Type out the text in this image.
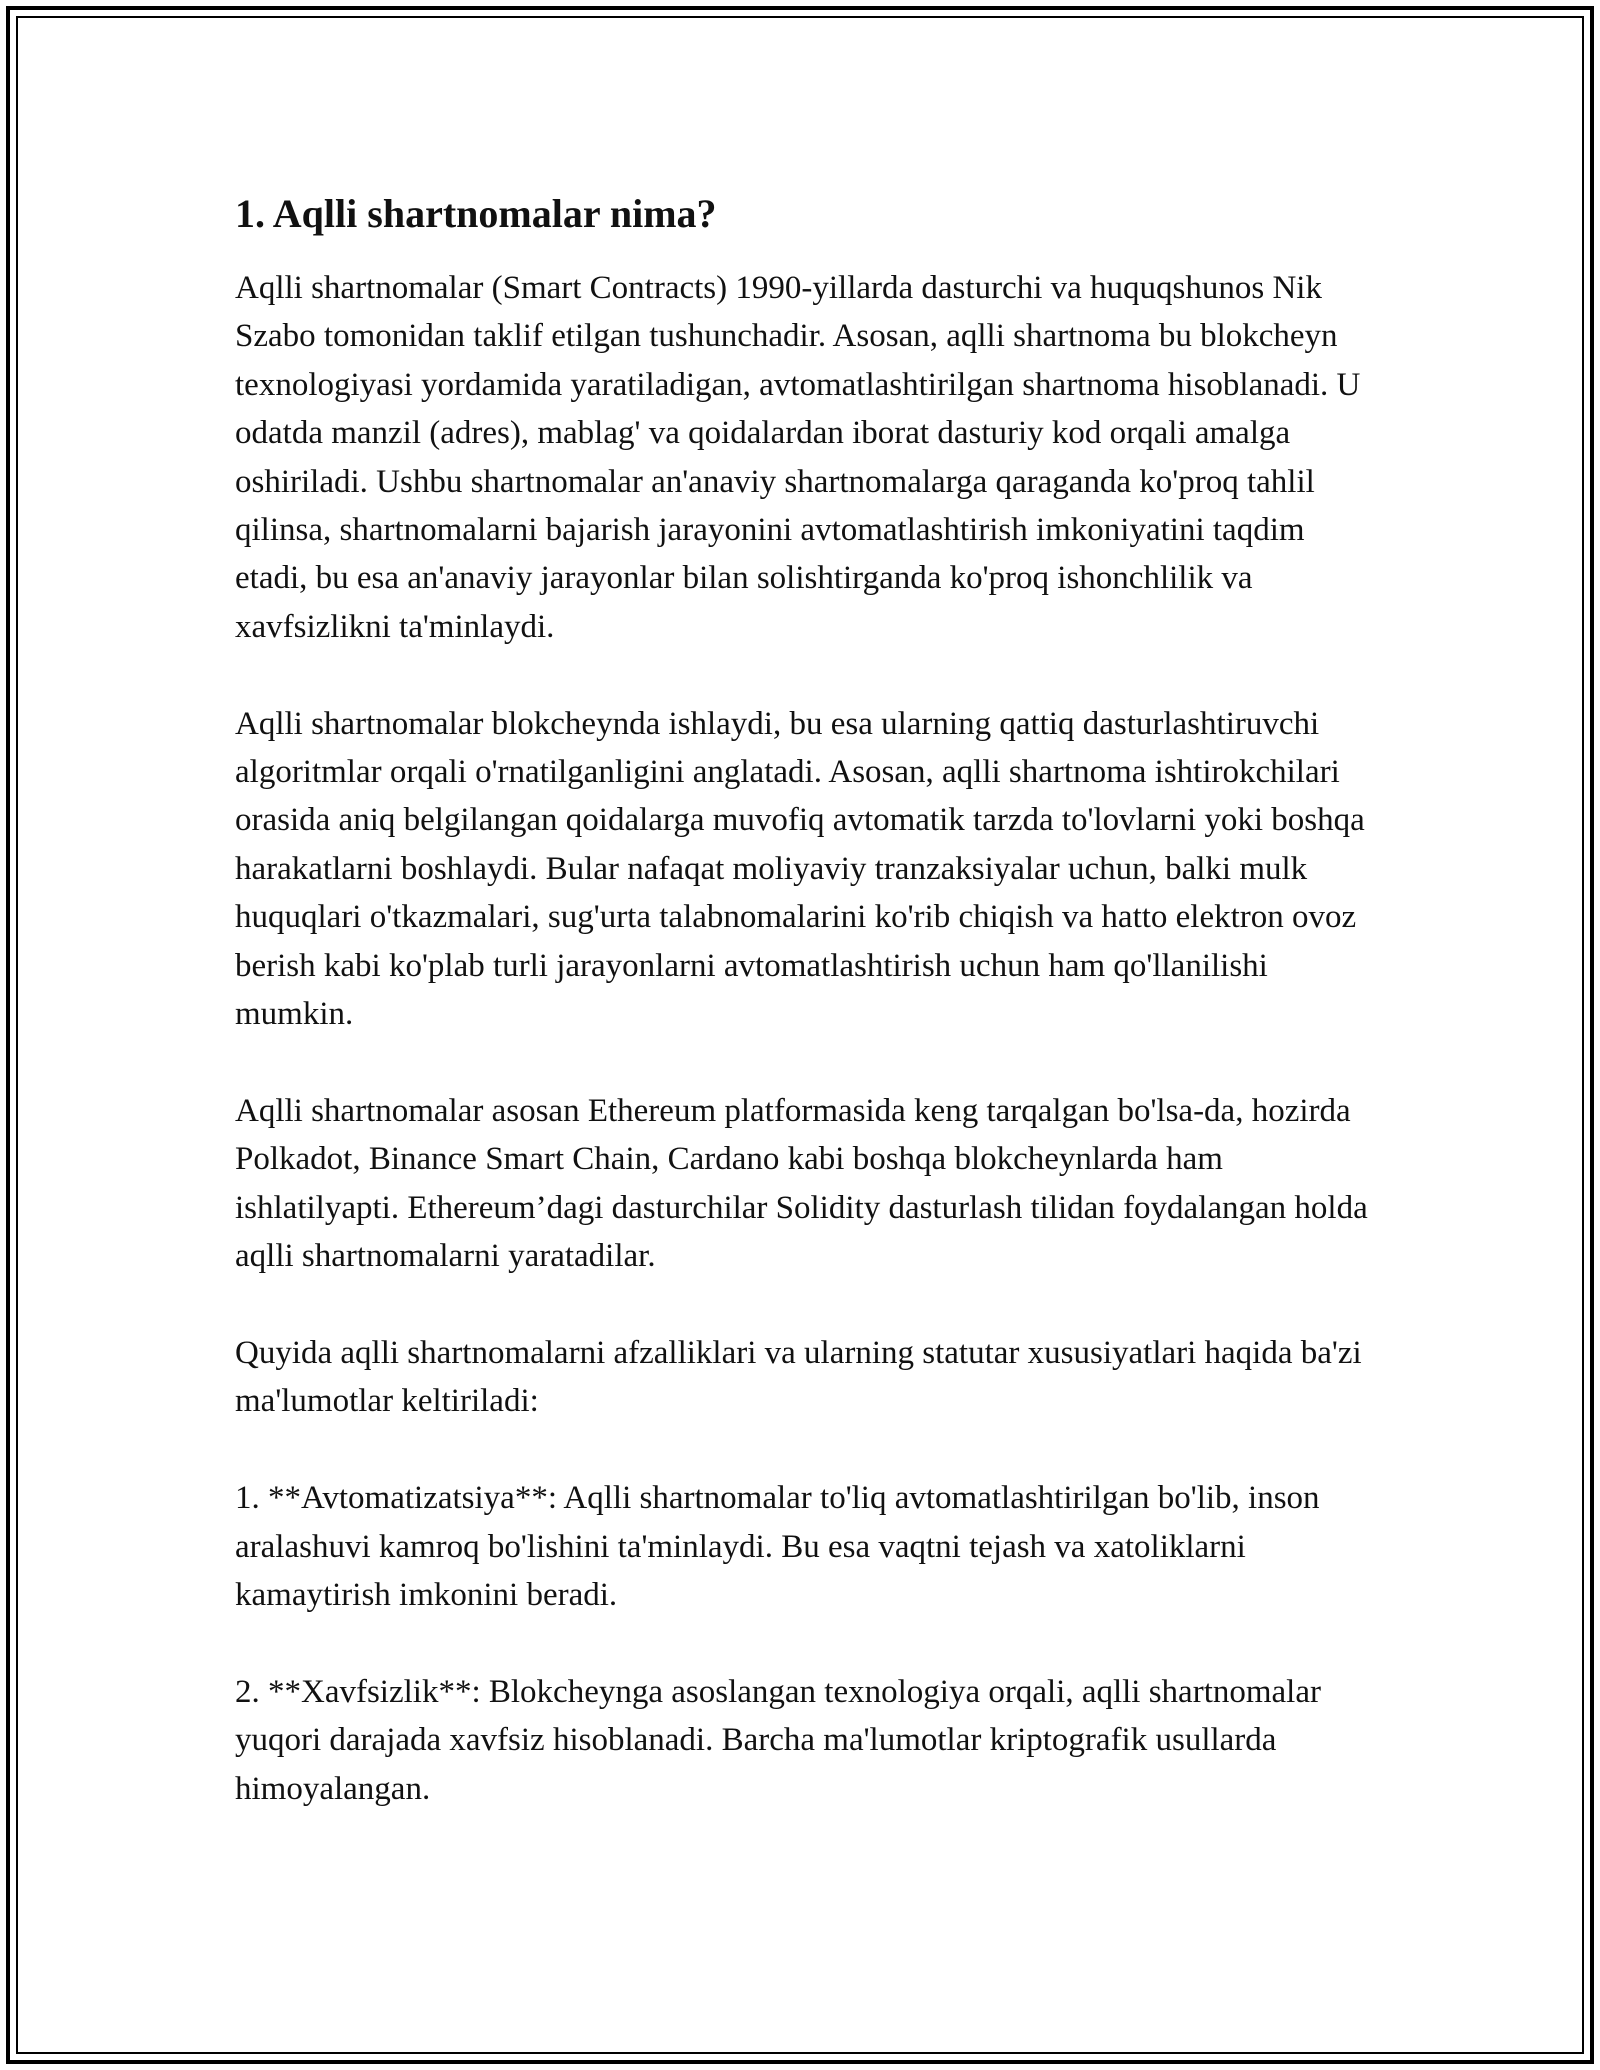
1. Aqlli shartnomalar nima?

Aqlli shartnomalar (Smart Contracts) 1990-yillarda dasturchi va huquqshunos Nik Szabo tomonidan taklif etilgan tushunchadir. Asosan, aqlli shartnoma bu blokcheyn texnologiyasi yordamida yaratiladigan, avtomatlashtirilgan shartnoma hisoblanadi. U odatda manzil (adres), mablag' va qoidalardan iborat dasturiy kod orqali amalga oshiriladi. Ushbu shartnomalar an'anaviy shartnomalarga qaraganda ko'proq tahlil qilinsa, shartnomalarni bajarish jarayonini avtomatlashtirish imkoniyatini taqdim etadi, bu esa an'anaviy jarayonlar bilan solishtirganda ko'proq ishonchlilik va xavfsizlikni ta'minlaydi.

Aqlli shartnomalar blokcheynda ishlaydi, bu esa ularning qattiq dasturlashtiruvchi algoritmlar orqali o'rnatilganligini anglatadi. Asosan, aqlli shartnoma ishtirokchilari orasida aniq belgilangan qoidalarga muvofiq avtomatik tarzda to'lovlarni yoki boshqa harakatlarni boshlaydi. Bular nafaqat moliyaviy tranzaksiyalar uchun, balki mulk huquqlari o'tkazmalari, sug'urta talabnomalarini ko'rib chiqish va hatto elektron ovoz berish kabi ko'plab turli jarayonlarni avtomatlashtirish uchun ham qo'llanilishi mumkin.

Aqlli shartnomalar asosan Ethereum platformasida keng tarqalgan bo'lsa-da, hozirda Polkadot, Binance Smart Chain, Cardano kabi boshqa blokcheynlarda ham ishlatilyapti. Ethereum’dagi dasturchilar Solidity dasturlash tilidan foydalangan holda aqlli shartnomalarni yaratadilar.

Quyida aqlli shartnomalarni afzalliklari va ularning statutar xususiyatlari haqida ba'zi ma'lumotlar keltiriladi:

1. **Avtomatizatsiya**: Aqlli shartnomalar to'liq avtomatlashtirilgan bo'lib, inson aralashuvi kamroq bo'lishini ta'minlaydi. Bu esa vaqtni tejash va xatoliklarni kamaytirish imkonini beradi.

2. **Xavfsizlik**: Blokcheynga asoslangan texnologiya orqali, aqlli shartnomalar yuqori darajada xavfsiz hisoblanadi. Barcha ma'lumotlar kriptografik usullarda himoyalangan.
